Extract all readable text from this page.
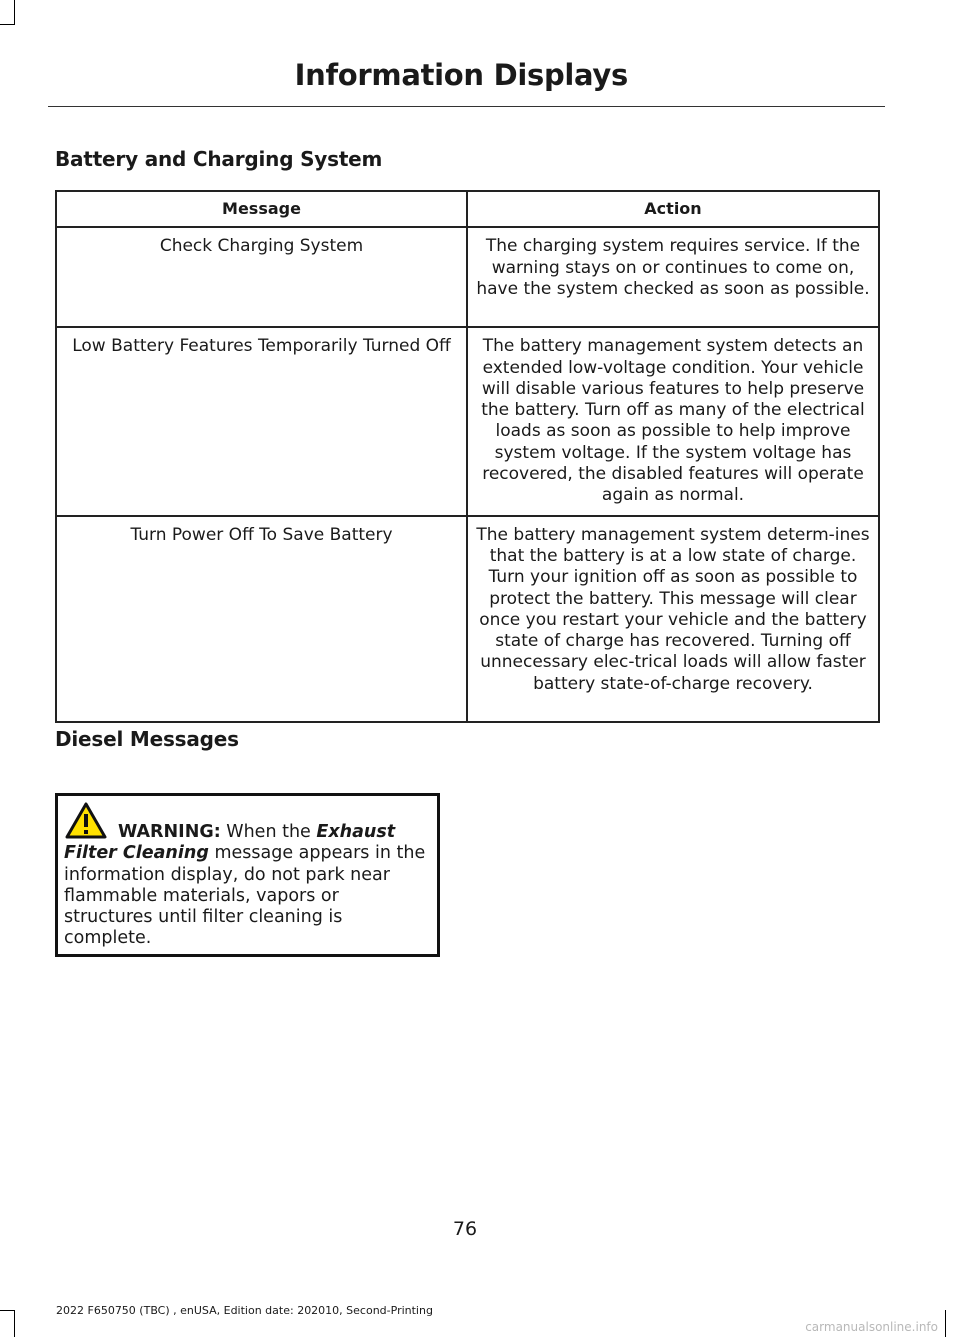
Information Displays
Battery and Charging System
Message	Action
Check Charging System	The charging system requires service. If the warning stays on or continues to come on, have the system checked as soon as possible.
Low Battery Features Temporarily Turned Off	The battery management system detects an extended low-voltage condition. Your vehicle will disable various features to help preserve the battery. Turn off as many of the electrical loads as soon as possible to help improve system voltage. If the system voltage has recovered, the disabled features will operate again as normal.
Turn Power Off To Save Battery	The battery management system determ-ines that the battery is at a low state of charge. Turn your ignition off as soon as possible to protect the battery. This message will clear once you restart your vehicle and the battery state of charge has recovered. Turning off unnecessary elec-trical loads will allow faster battery state-of-charge recovery.
Diesel Messages
WARNING: When the Exhaust Filter Cleaning message appears in the information display, do not park near flammable materials, vapors or structures until filter cleaning is complete.
76
2022 F650750 (TBC) , enUSA, Edition date: 202010, Second-Printing
carmanualsonline.info
